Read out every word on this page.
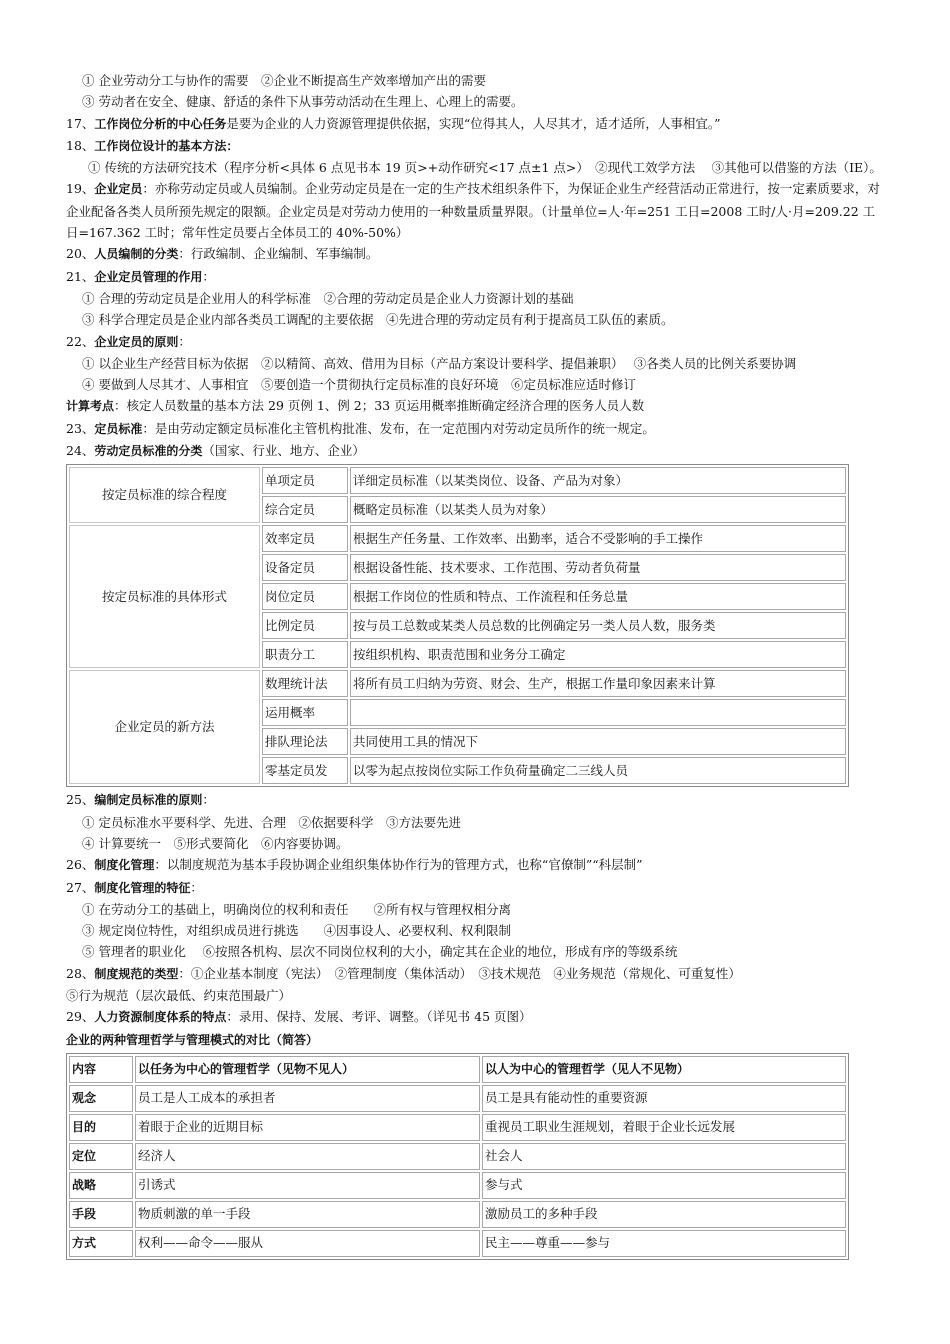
① 企业劳动分工与协作的需要　②企业不断提高生产效率增加产出的需要
③ 劳动者在安全、健康、舒适的条件下从事劳动活动在生理上、心理上的需要。
17、工作岗位分析的中心任务是要为企业的人力资源管理提供依据，实现“位得其人，人尽其才，适才适所，人事相宜。”
18、工作岗位设计的基本方法：
① 传统的方法研究技术（程序分析<具体 6 点见书本 19 页>+动作研究<17 点±1 点>）　②现代工效学方法　 ③其他可以借鉴的方法（IE）。
19、企业定员：亦称劳动定员或人员编制。企业劳动定员是在一定的生产技术组织条件下，为保证企业生产经营活动正常进行，按一定素质要求，对企业配备各类人员所预先规定的限额。企业定员是对劳动力使用的一种数量质量界限。（计量单位=人·年=251 工日=2008 工时/人·月=209.22 工日=167.362 工时；常年性定员要占全体员工的 40%-50%）
20、人员编制的分类：行政编制、企业编制、军事编制。
21、企业定员管理的作用：
① 合理的劳动定员是企业用人的科学标准　②合理的劳动定员是企业人力资源计划的基础
③ 科学合理定员是企业内部各类员工调配的主要依据　④先进合理的劳动定员有利于提高员工队伍的素质。
22、企业定员的原则：
① 以企业生产经营目标为依据　②以精简、高效、借用为目标（产品方案设计要科学、提倡兼职）　 ③各类人员的比例关系要协调
④ 要做到人尽其才、人事相宜　⑤要创造一个贯彻执行定员标准的良好环境　⑥定员标准应适时修订
计算考点：核定人员数量的基本方法 29 页例 1、例 2；33 页运用概率推断确定经济合理的医务人员人数
23、定员标准：是由劳动定额定员标准化主管机构批准、发布，在一定范围内对劳动定员所作的统一规定。
24、劳动定员标准的分类（国家、行业、地方、企业）
按定员标准的综合程度	单项定员	详细定员标准（以某类岗位、设备、产品为对象）
	综合定员	概略定员标准（以某类人员为对象）
按定员标准的具体形式	效率定员	根据生产任务量、工作效率、出勤率，适合不受影响的手工操作
	设备定员	根据设备性能、技术要求、工作范围、劳动者负荷量
	岗位定员	根据工作岗位的性质和特点、工作流程和任务总量
	比例定员	按与员工总数或某类人员总数的比例确定另一类人员人数，服务类
	职责分工	按组织机构、职责范围和业务分工确定
企业定员的新方法	数理统计法	将所有员工归纳为劳资、财会、生产，根据工作量印象因素来计算
	运用概率	
	排队理论法	共同使用工具的情况下
	零基定员发	以零为起点按岗位实际工作负荷量确定二三线人员
25、编制定员标准的原则：
① 定员标准水平要科学、先进、合理　②依据要科学　③方法要先进
④ 计算要统一　⑤形式要简化　⑥内容要协调。
26、制度化管理：以制度规范为基本手段协调企业组织集体协作行为的管理方式，也称“官僚制”“科层制”
27、制度化管理的特征：
① 在劳动分工的基础上，明确岗位的权利和责任　　②所有权与管理权相分离
③ 规定岗位特性，对组织成员进行挑选　　④因事设人、必要权利、权利限制
⑤ 管理者的职业化　 ⑥按照各机构、层次不同岗位权利的大小，确定其在企业的地位，形成有序的等级系统
28、制度规范的类型：①企业基本制度（宪法）　②管理制度（集体活动）　③技术规范　④业务规范（常规化、可重复性）
⑤行为规范（层次最低、约束范围最广）
29、人力资源制度体系的特点：录用、保持、发展、考评、调整。（详见书 45 页图）
企业的两种管理哲学与管理模式的对比（简答）
内容	以任务为中心的管理哲学（见物不见人）	以人为中心的管理哲学（见人不见物）
观念	员工是人工成本的承担者	员工是具有能动性的重要资源
目的	着眼于企业的近期目标	重视员工职业生涯规划，着眼于企业长远发展
定位	经济人	社会人
战略	引诱式	参与式
手段	物质刺激的单一手段	激励员工的多种手段
方式	权利——命令——服从	民主——尊重——参与
